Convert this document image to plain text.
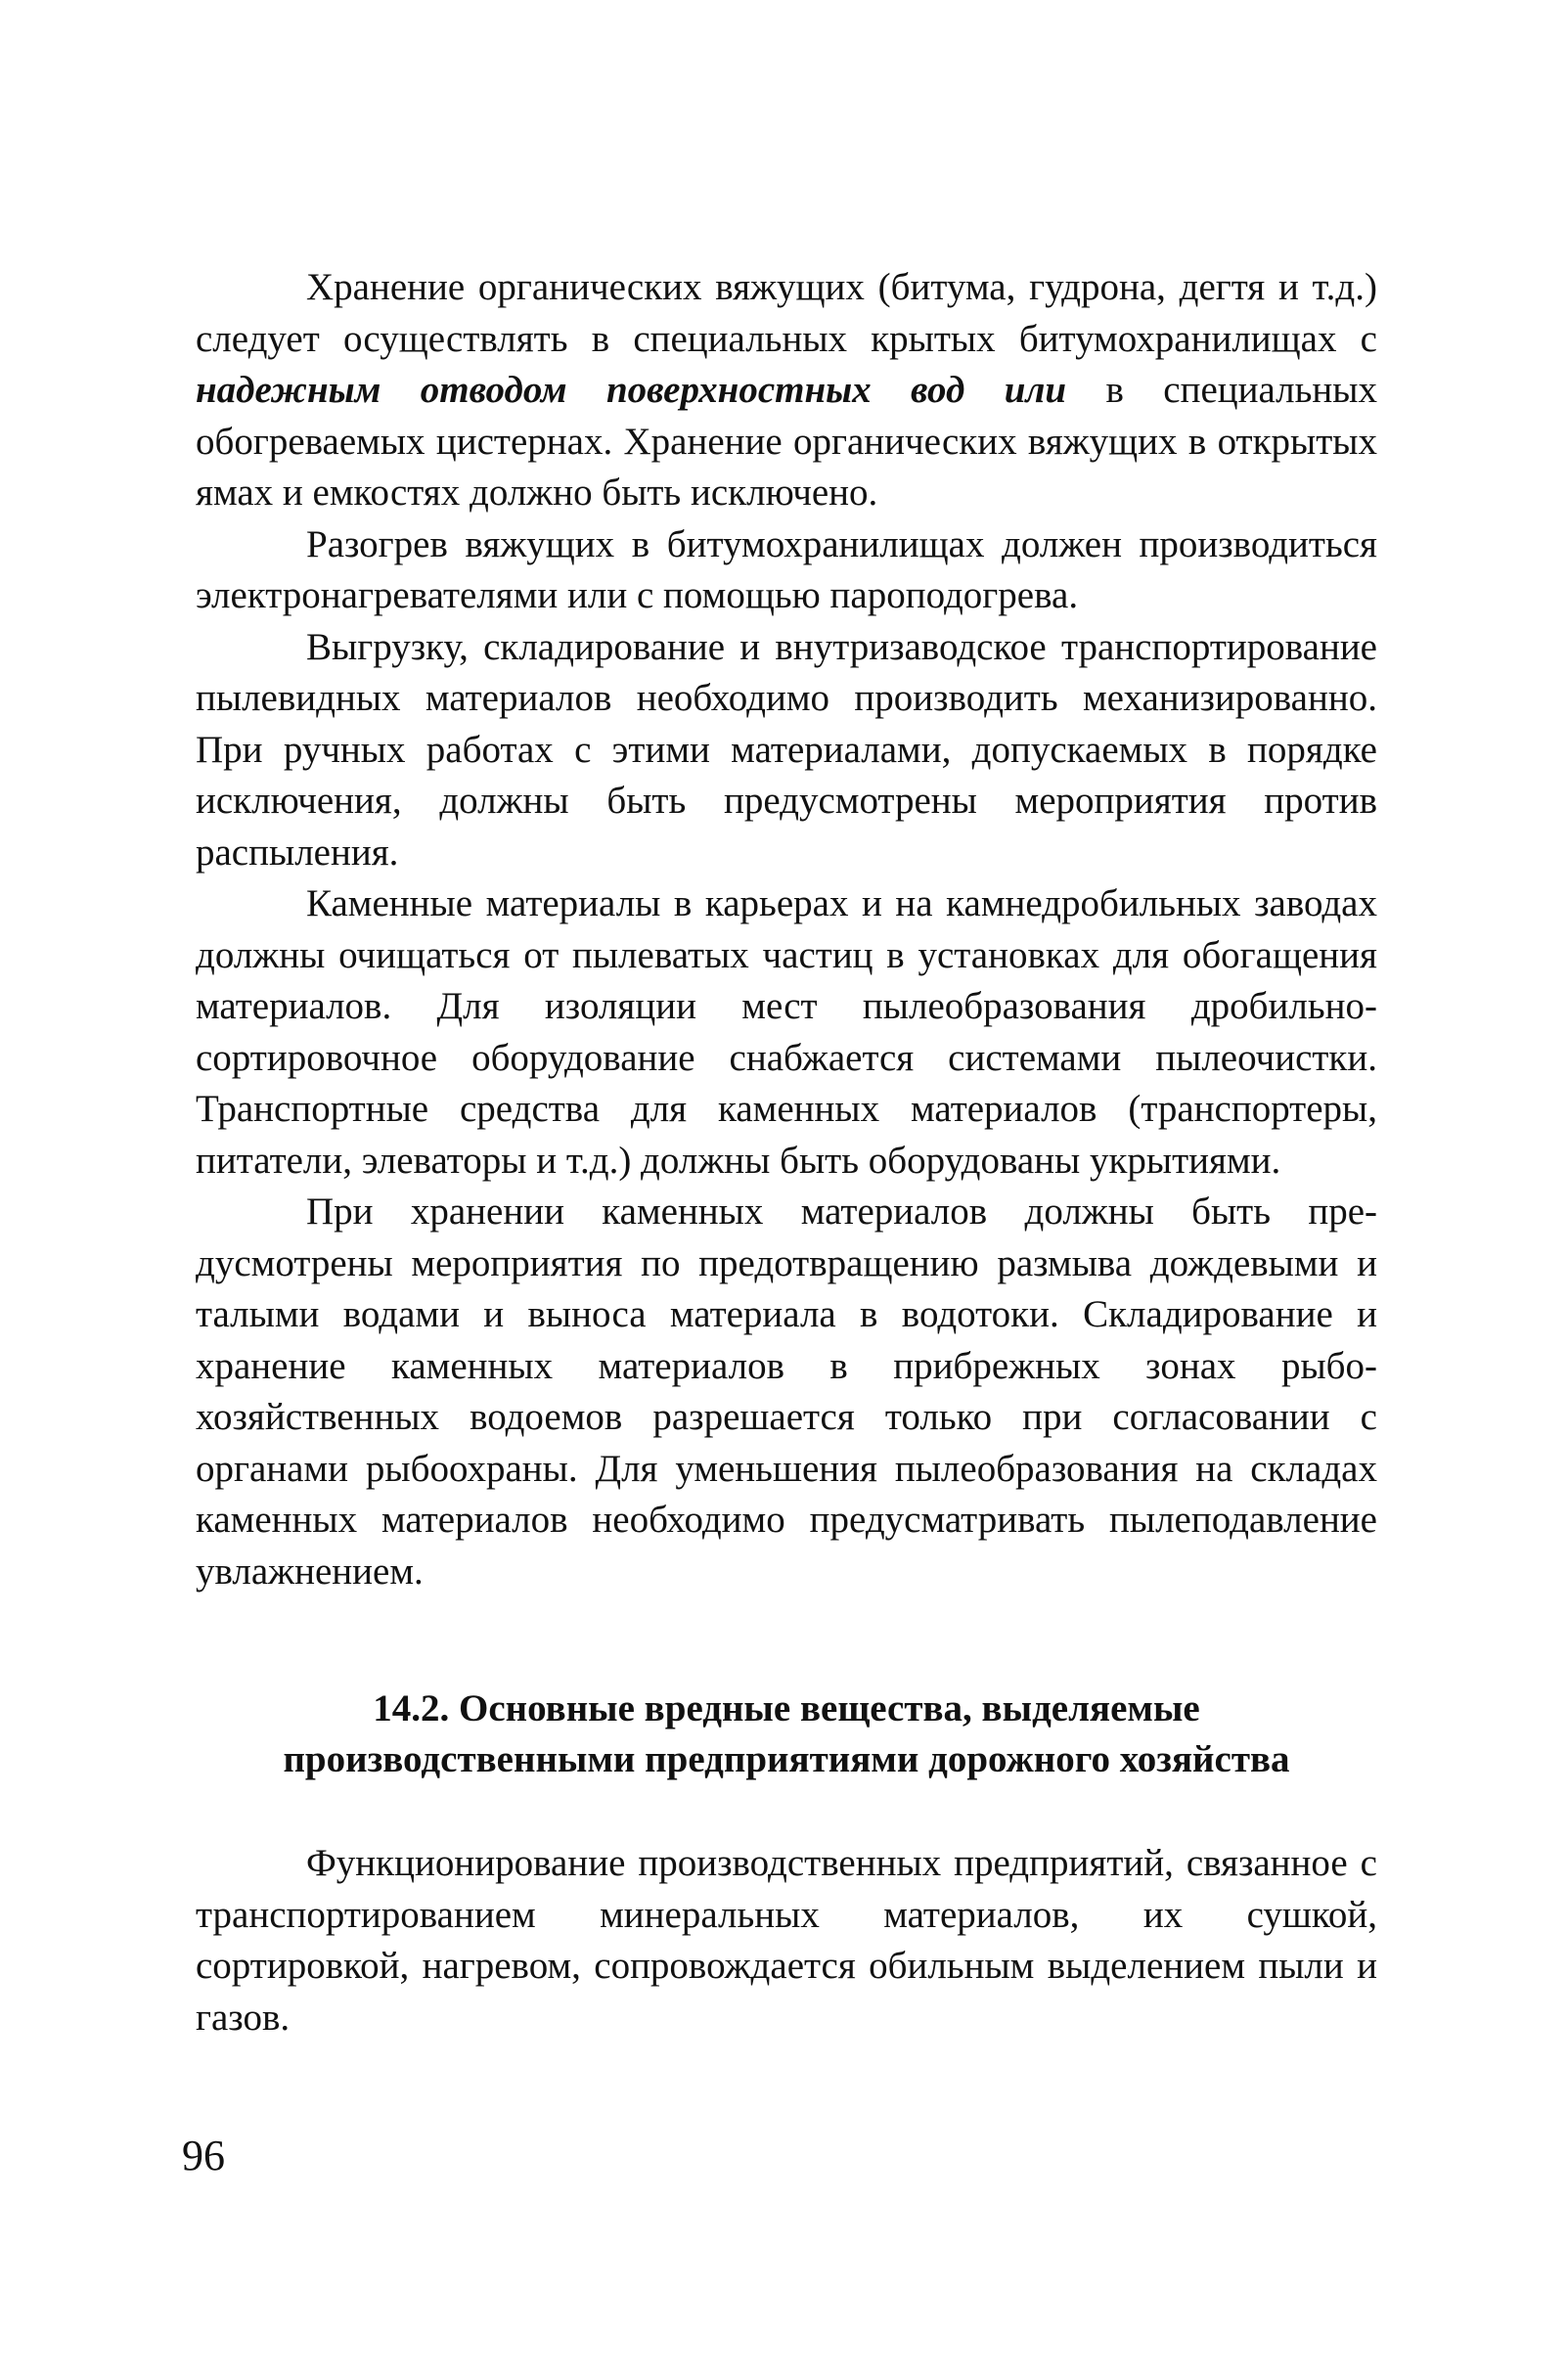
Хранение органических вяжущих (битума, гудрона, дегтя и т.д.) следует осуществлять в специальных крытых битумохранилищах с надежным отводом поверхностных вод или в специальных обогреваемых цистернах. Хранение органических вяжущих в открытых ямах и емкостях должно быть исключено.

Разогрев вяжущих в битумохранилищах должен производиться электронагревателями или с помощью пароподогрева.

Выгрузку, складирование и внутризаводское транспортирование пылевидных материалов необходимо производить механизированно. При ручных работах с этими материалами, допускаемых в порядке исключения, должны быть предусмотрены мероприятия против распыления.

Каменные материалы в карьерах и на камнедробильных заводах должны очищаться от пылеватых частиц в установках для обогащения материалов. Для изоляции мест пылеобразования дробильно-сортировочное оборудование снабжается системами пылеочистки. Транспортные средства для каменных материалов (транспортеры, питатели, элеваторы и т.д.) должны быть оборудованы укрытиями.

При хранении каменных материалов должны быть предусмотрены мероприятия по предотвращению размыва дождевыми и талыми водами и выноса материала в водотоки. Складирование и хранение каменных материалов в прибрежных зонах рыбохозяйственных водоемов разрешается только при согласовании с органами рыбоохраны. Для уменьшения пылеобразования на складах каменных материалов необходимо предусматривать пылеподавление увлажнением.

14.2. Основные вредные вещества, выделяемые
производственными предприятиями дорожного хозяйства

Функционирование производственных предприятий, связанное с транспортированием минеральных материалов, их сушкой, сортировкой, нагревом, сопровождается обильным выделением пыли и газов.

96
